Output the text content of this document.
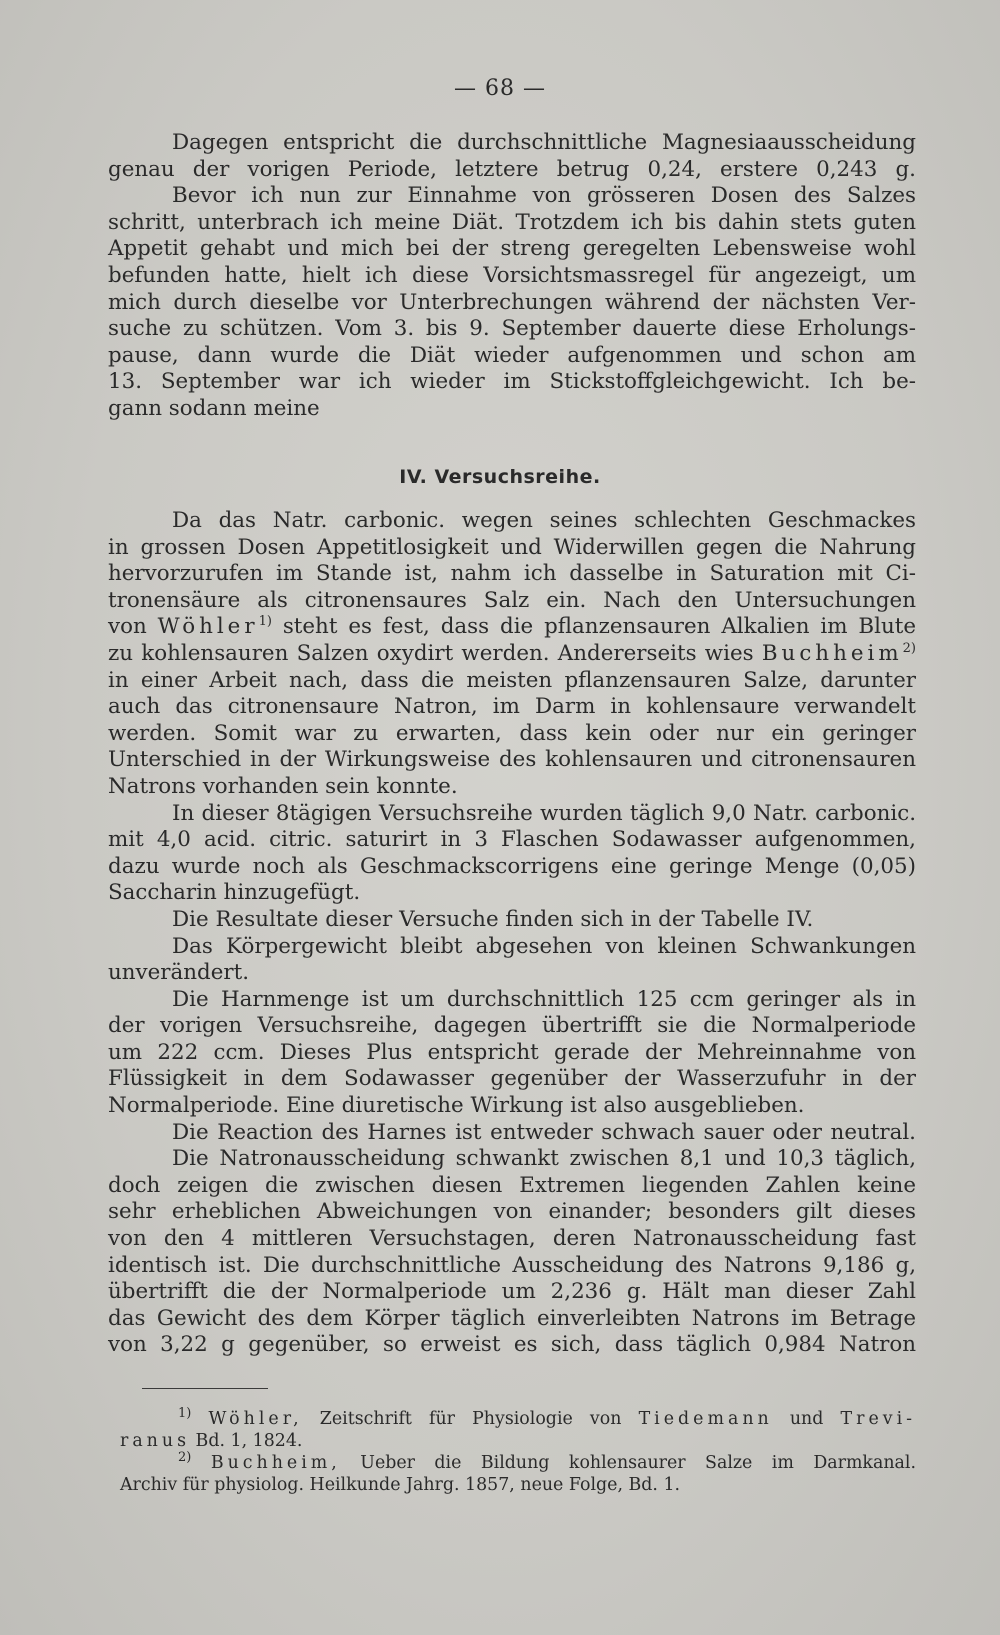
— 68 —
Dagegen entspricht die durchschnittliche Magnesiaausscheidung
genau der vorigen Periode, letztere betrug 0,24, erstere 0,243 g.
Bevor ich nun zur Einnahme von grösseren Dosen des Salzes
schritt, unterbrach ich meine Diät. Trotzdem ich bis dahin stets guten
Appetit gehabt und mich bei der streng geregelten Lebensweise wohl
befunden hatte, hielt ich diese Vorsichtsmassregel für angezeigt, um
mich durch dieselbe vor Unterbrechungen während der nächsten Ver-
suche zu schützen. Vom 3. bis 9. September dauerte diese Erholungs-
pause, dann wurde die Diät wieder aufgenommen und schon am
13. September war ich wieder im Stickstoffgleichgewicht. Ich be-
gann sodann meine
IV. Versuchsreihe.
Da das Natr. carbonic. wegen seines schlechten Geschmackes
in grossen Dosen Appetitlosigkeit und Widerwillen gegen die Nahrung
hervorzurufen im Stande ist, nahm ich dasselbe in Saturation mit Ci-
tronensäure als citronensaures Salz ein. Nach den Untersuchungen
von Wöhler$^{1)}$ steht es fest, dass die pflanzensauren Alkalien im Blute
zu kohlensauren Salzen oxydirt werden. Andererseits wies Buchheim$^{2)}$
in einer Arbeit nach, dass die meisten pflanzensauren Salze, darunter
auch das citronensaure Natron, im Darm in kohlensaure verwandelt
werden. Somit war zu erwarten, dass kein oder nur ein geringer
Unterschied in der Wirkungsweise des kohlensauren und citronensauren
Natrons vorhanden sein konnte.
In dieser 8tägigen Versuchsreihe wurden täglich 9,0 Natr. carbonic.
mit 4,0 acid. citric. saturirt in 3 Flaschen Sodawasser aufgenommen,
dazu wurde noch als Geschmackscorrigens eine geringe Menge (0,05)
Saccharin hinzugefügt.
Die Resultate dieser Versuche finden sich in der Tabelle IV.
Das Körpergewicht bleibt abgesehen von kleinen Schwankungen
unverändert.
Die Harnmenge ist um durchschnittlich 125 ccm geringer als in
der vorigen Versuchsreihe, dagegen übertrifft sie die Normalperiode
um 222 ccm. Dieses Plus entspricht gerade der Mehreinnahme von
Flüssigkeit in dem Sodawasser gegenüber der Wasserzufuhr in der
Normalperiode. Eine diuretische Wirkung ist also ausgeblieben.
Die Reaction des Harnes ist entweder schwach sauer oder neutral.
Die Natronausscheidung schwankt zwischen 8,1 und 10,3 täglich,
doch zeigen die zwischen diesen Extremen liegenden Zahlen keine
sehr erheblichen Abweichungen von einander; besonders gilt dieses
von den 4 mittleren Versuchstagen, deren Natronausscheidung fast
identisch ist. Die durchschnittliche Ausscheidung des Natrons 9,186 g,
übertrifft die der Normalperiode um 2,236 g. Hält man dieser Zahl
das Gewicht des dem Körper täglich einverleibten Natrons im Betrage
von 3,22 g gegenüber, so erweist es sich, dass täglich 0,984 Natron
$^{1)}$ Wöhler, Zeitschrift für Physiologie von Tiedemann und Trevi-
ranus Bd. 1, 1824.
$^{2)}$ Buchheim, Ueber die Bildung kohlensaurer Salze im Darmkanal.
Archiv für physiolog. Heilkunde Jahrg. 1857, neue Folge, Bd. 1.
